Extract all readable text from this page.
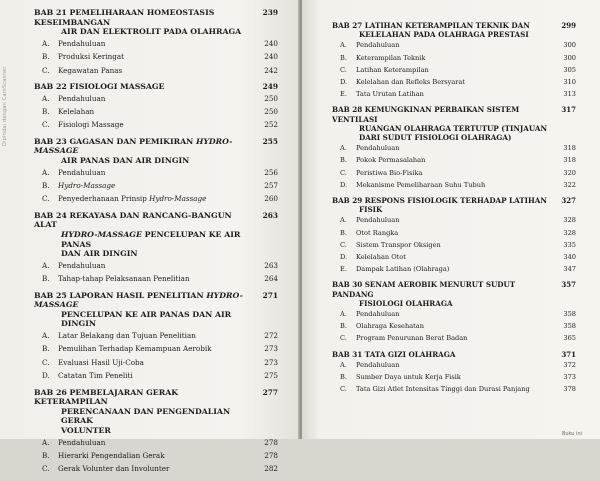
Dipindai dengan CamScanner
BAB 21 PEMELIHARAAN HOMEOSTASIS KESEIMBANGAN

AIR DAN ELEKTROLIT PADA OLAHRAGA
239
A.	Pendahuluan	240
B.	Produksi Keringat	240
C.	Kegawatan Panas	242
BAB 22 FISIOLOGI MASSAGE	249
A.	Pendahuluan	250
B.	Kelelahan	250
C.	Fisiologi Massage	252
BAB 23 GAGASAN DAN PEMIKIRAN HYDRO-MASSAGE

AIR PANAS DAN AIR DINGIN
255
A.	Pendahuluan	256
B.	Hydro-Massage	257
C.	Penyederhanaan Prinsip Hydro-Massage	260
BAB 24 REKAYASA DAN RANCANG-BANGUN ALAT

HYDRO-MASSAGE PENCELUPAN KE AIR PANAS
DAN AIR DINGIN
263
A.	Pendahuluan	263
B.	Tahap-tahap Pelaksanaan Penelitian	264
BAB 25 LAPORAN HASIL PENELITIAN HYDRO-MASSAGE

PENCELUPAN KE AIR PANAS DAN AIR DINGIN
271
A.	Latar Belakang dan Tujuan Penelitian	272
B.	Pemulihan Terhadap Kemampuan Aerobik	273
C.	Evaluasi Hasil Uji-Coba	273
D.	Catatan Tim Peneliti	275
BAB 26 PEMBELAJARAN GERAK KETERAMPILAN

PERENCANAAN DAN PENGENDALIAN GERAK
VOLUNTER
277
A.	Pendahuluan	278
B.	Hierarki Pengendalian Gerak	278
C.	Gerak Volunter dan Involunter	282
BAB 27 LATIHAN KETERAMPILAN TEKNIK DAN

KELELAHAN PADA OLAHRAGA PRESTASI
299
A.	Pendahuluan	300
B.	Keterampilan Teknik	300
C.	Latihan Keterampilan	305
D.	Kelelahan dan Refleks Bersyarat	310
E.	Tata Urutan Latihan	313
BAB 28 KEMUNGKINAN PERBAIKAN SISTEM VENTILASI

RUANGAN OLAHRAGA TERTUTUP (TINJAUAN
DARI SUDUT FISIOLOGI OLAHRAGA)
317
A.	Pendahuluan	318
B.	Pokok Permasalahan	318
C.	Peristiwa Bio-Fisika	320
D.	Mekanisme Pemeliharaan Suhu Tubuh	322
BAB 29 RESPONS FISIOLOGIK TERHADAP LATIHAN

FISIK
327
A.	Pendahuluan	328
B.	Otot Rangka	328
C.	Sistem Transpor Oksigen	335
D.	Kelelahan Otot	340
E.	Dampak Latihan (Olahraga)	347
BAB 30 SENAM AEROBIK MENURUT SUDUT PANDANG

FISIOLOGI OLAHRAGA
357
A.	Pendahuluan	358
B.	Olahraga Kesehatan	358
C.	Program Penurunan Berat Badan	365
BAB 31 TATA GIZI OLAHRAGA	371
A.	Pendahuluan	372
B.	Sumber Daya untuk Kerja Fisik	373
C.	Tata Gizi Atlet Intensitas Tinggi dan Durasi Panjang	378
Buku ini
